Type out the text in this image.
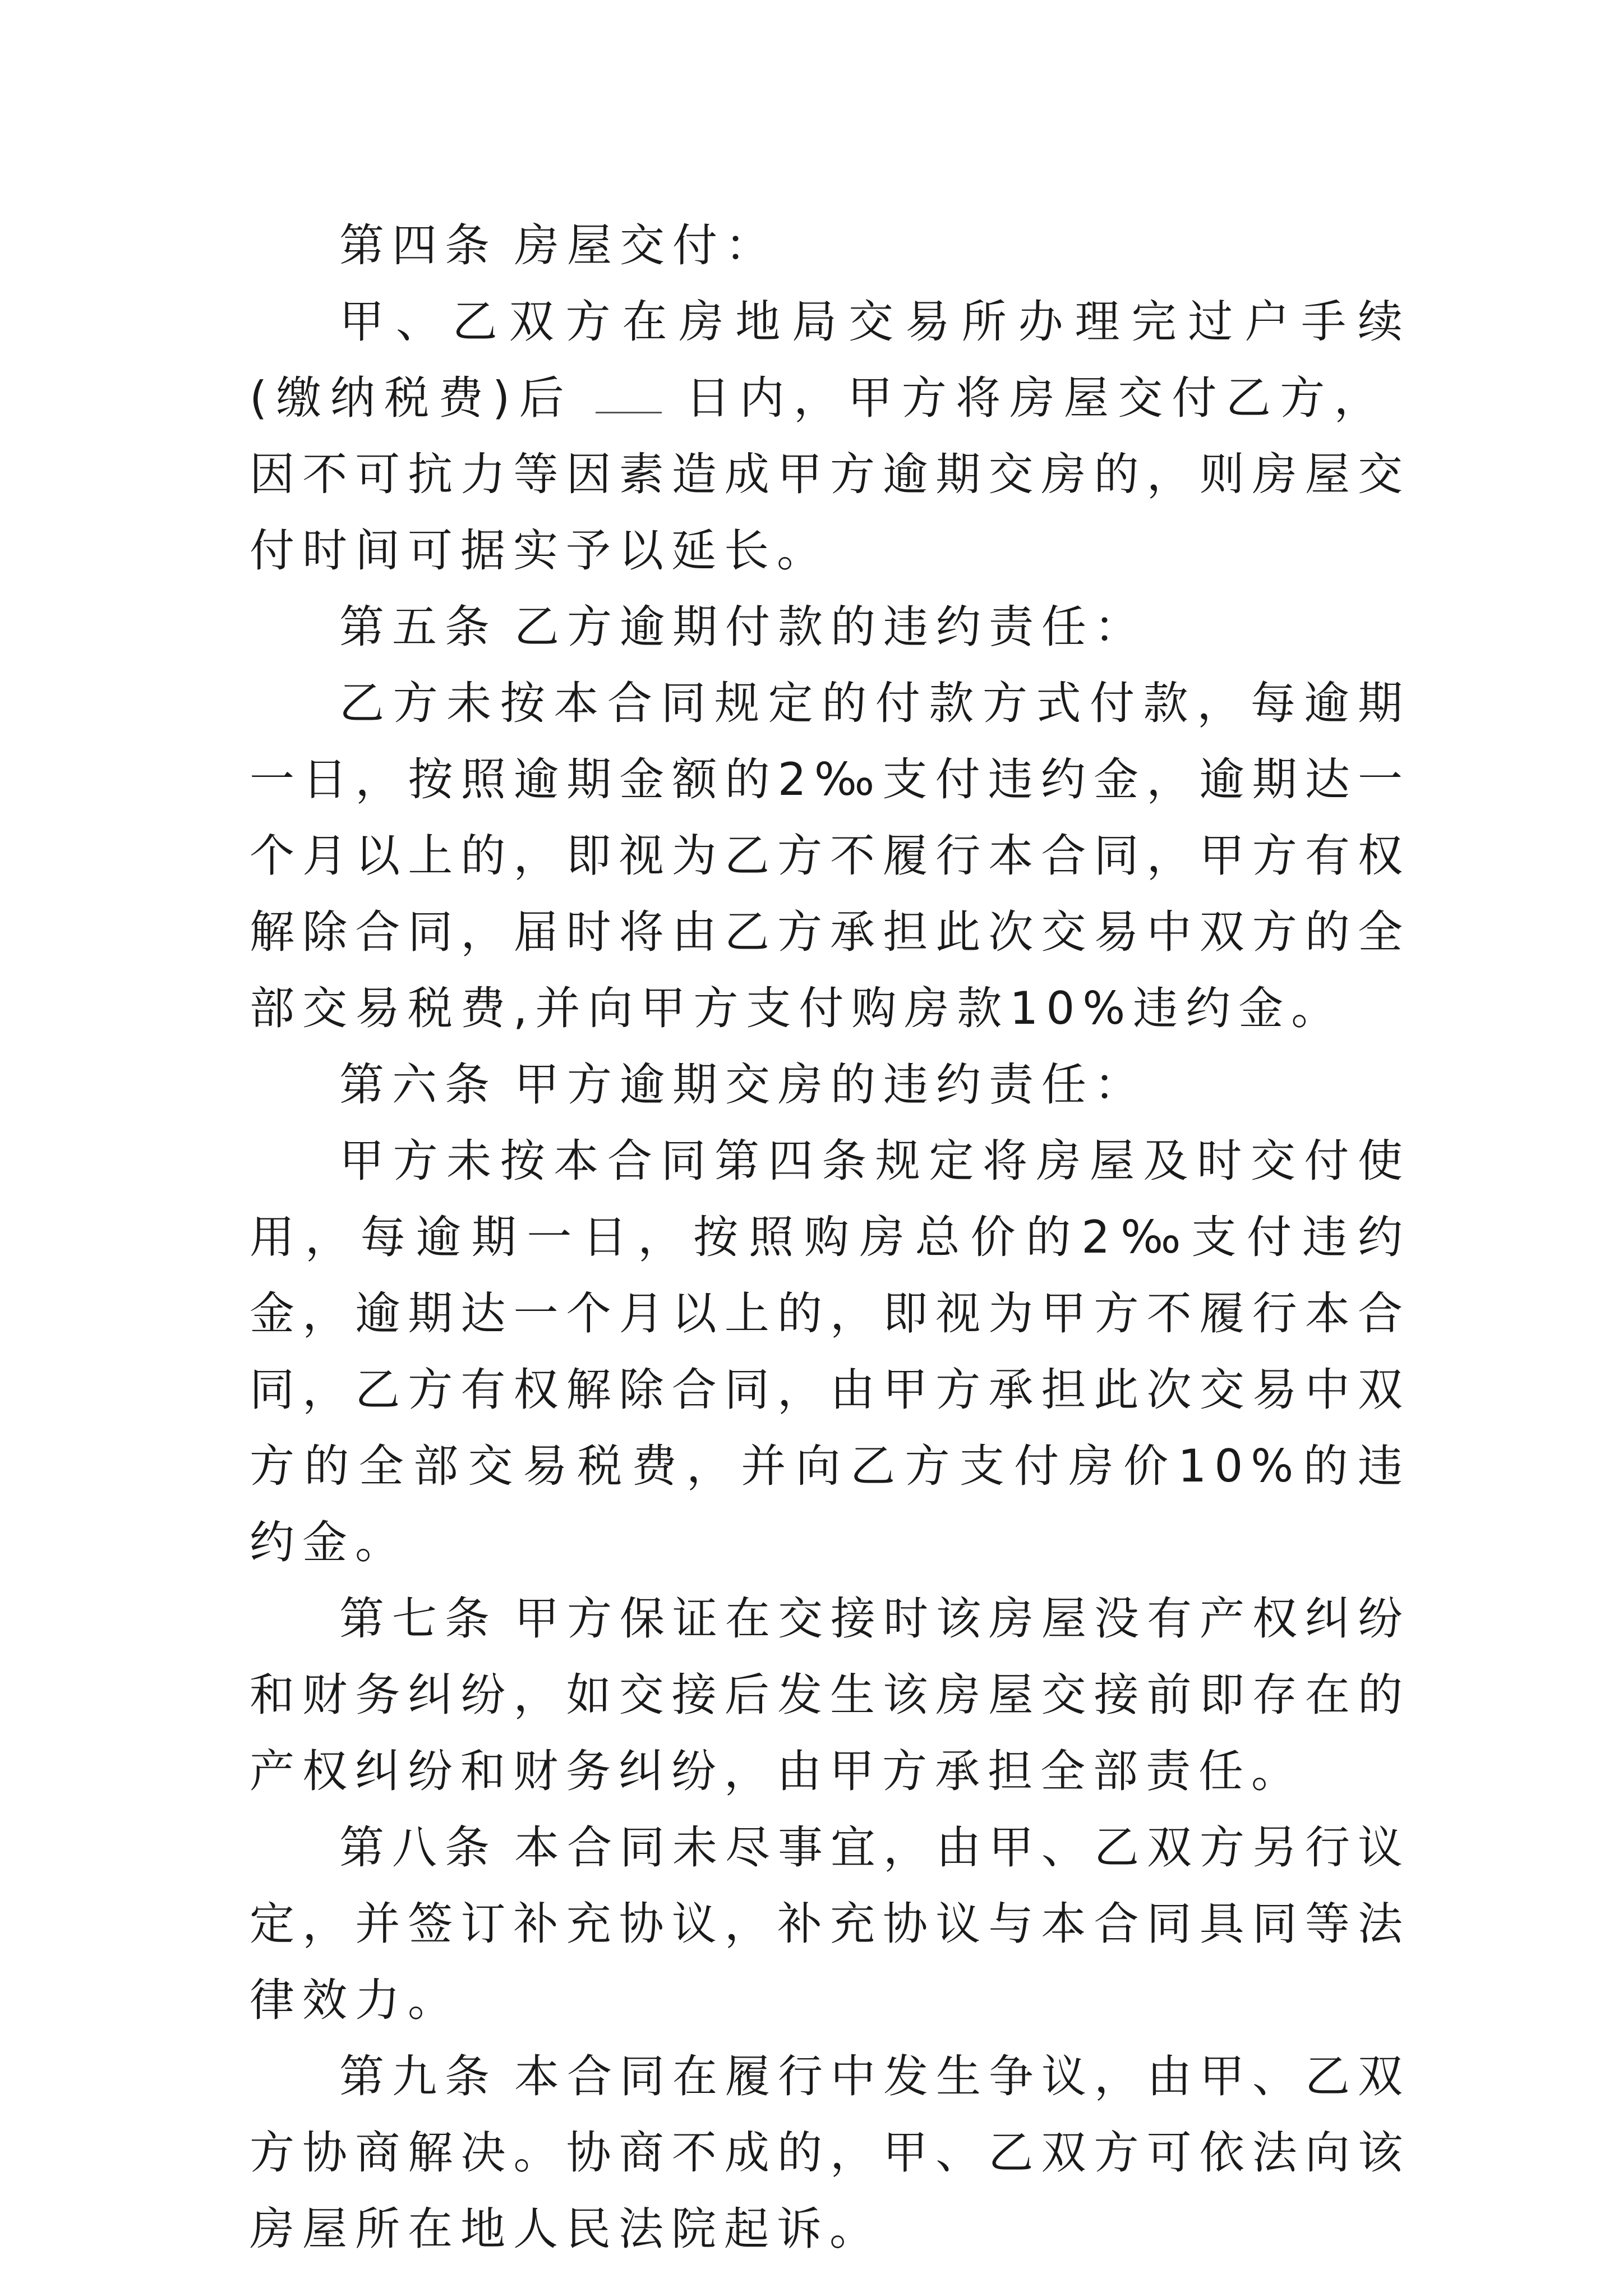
第四条 房屋交付：

甲、乙双方在房地局交易所办理完过户手续(缴纳税费)后 日内，甲方将房屋交付乙方，因不可抗力等因素造成甲方逾期交房的，则房屋交付时间可据实予以延长。

第五条 乙方逾期付款的违约责任：

乙方未按本合同规定的付款方式付款，每逾期一日，按照逾期金额的2‰支付违约金，逾期达一个月以上的，即视为乙方不履行本合同，甲方有权解除合同，届时将由乙方承担此次交易中双方的全部交易税费,并向甲方支付购房款10%违约金。

第六条 甲方逾期交房的违约责任：

甲方未按本合同第四条规定将房屋及时交付使用，每逾期一日，按照购房总价的2‰支付违约金，逾期达一个月以上的，即视为甲方不履行本合同，乙方有权解除合同，由甲方承担此次交易中双方的全部交易税费，并向乙方支付房价10%的违约金。

第七条 甲方保证在交接时该房屋没有产权纠纷和财务纠纷，如交接后发生该房屋交接前即存在的产权纠纷和财务纠纷，由甲方承担全部责任。

第八条 本合同未尽事宜，由甲、乙双方另行议定，并签订补充协议，补充协议与本合同具同等法律效力。

第九条 本合同在履行中发生争议，由甲、乙双方协商解决。协商不成的，甲、乙双方可依法向该房屋所在地人民法院起诉。
